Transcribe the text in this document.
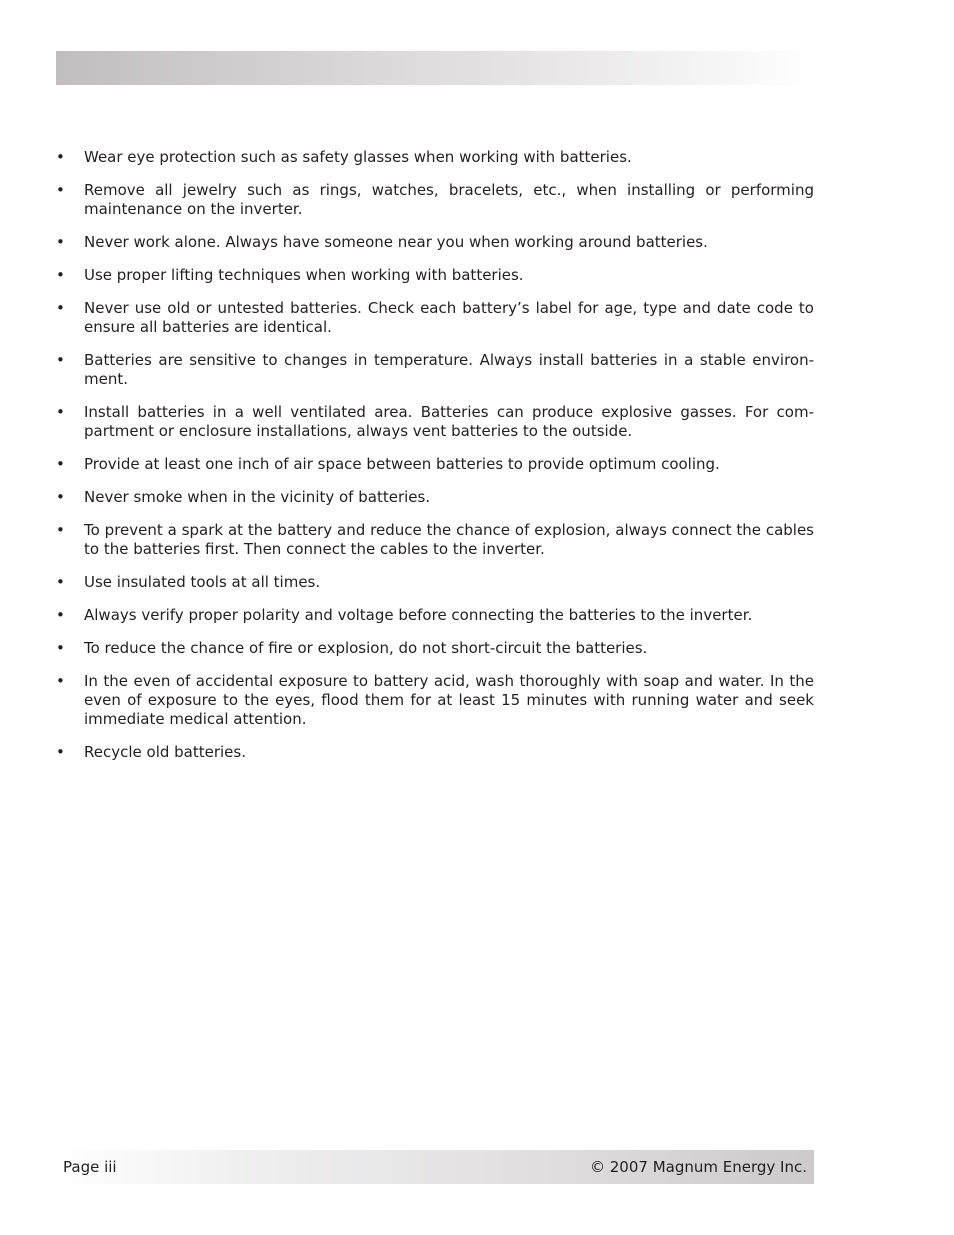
• Wear eye protection such as safety glasses when working with batteries.
• Remove all jewelry such as rings, watches, bracelets, etc., when installing or performing maintenance on the inverter.
• Never work alone. Always have someone near you when working around batteries.
• Use proper lifting techniques when working with batteries.
• Never use old or untested batteries. Check each battery’s label for age, type and date code to ensure all batteries are identical.
• Batteries are sensitive to changes in temperature. Always install batteries in a stable environ-ment.
• Install batteries in a well ventilated area. Batteries can produce explosive gasses. For com-partment or enclosure installations, always vent batteries to the outside.
• Provide at least one inch of air space between batteries to provide optimum cooling.
• Never smoke when in the vicinity of batteries.
• To prevent a spark at the battery and reduce the chance of explosion, always connect the cables to the batteries first. Then connect the cables to the inverter.
• Use insulated tools at all times.
• Always verify proper polarity and voltage before connecting the batteries to the inverter.
• To reduce the chance of fire or explosion, do not short-circuit the batteries.
• In the even of accidental exposure to battery acid, wash thoroughly with soap and water. In the even of exposure to the eyes, flood them for at least 15 minutes with running water and seek immediate medical attention.
• Recycle old batteries.
Page iii	© 2007 Magnum Energy Inc.
